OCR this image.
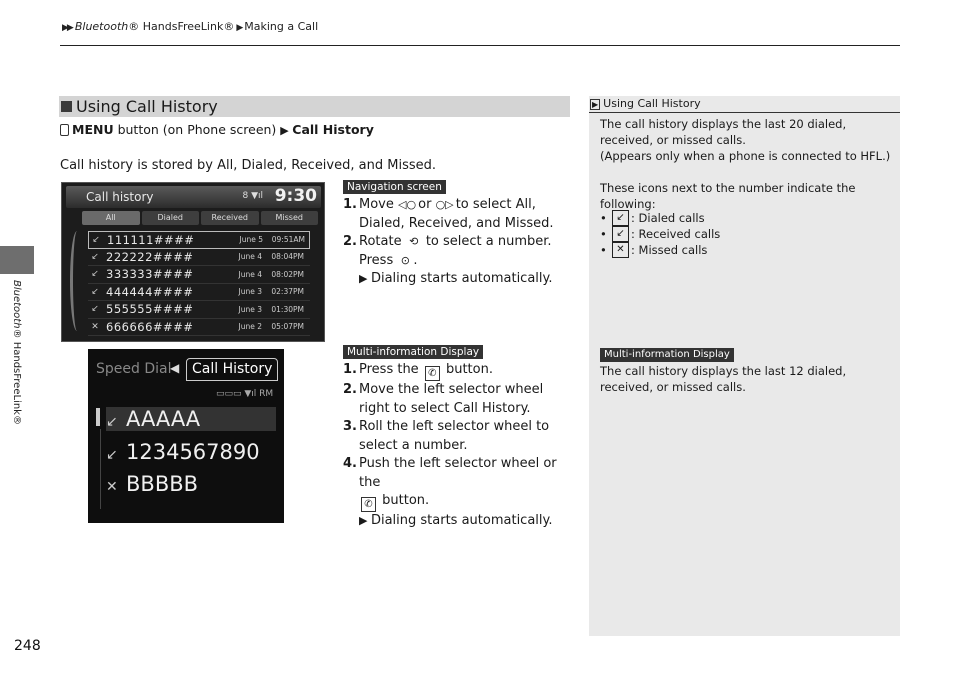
▶▶ Bluetooth® HandsFreeLink® ▶ Making a Call
Bluetooth® HandsFreeLink®
248
Using Call History
MENU button (on Phone screen) ▶ Call History
Call history is stored by All, Dialed, Received, and Missed.
Call history	8 ▼ıl 9:30
All	Dialed	Received	Missed
↙ 111111####	June 5	09:51AM
↙ 222222####	June 4	08:04PM
↙ 333333####	June 4	08:02PM
↙ 444444####	June 3	02:37PM
↙ 555555####	June 3	01:30PM
✕ 666666####	June 2	05:07PM
Navigation screen
1. Move ◁○ or ○▷ to select All, Dialed, Received, and Missed.
2. Rotate ⟲ to select a number.
Press ⊙ .
▶ Dialing starts automatically.
Speed Dial
◀ Call History
▭▭▭ ▼ıl RM
↙ AAAAA
↙ 1234567890
✕ BBBBB
Multi-information Display
1. Press the ✆ button.
2. Move the left selector wheel right to select Call History.
3. Roll the left selector wheel to select a number.
4. Push the left selector wheel or the
✆ button.
▶ Dialing starts automatically.
▶ Using Call History
The call history displays the last 20 dialed, received, or missed calls.
(Appears only when a phone is connected to HFL.)
These icons next to the number indicate the following:
• ↙ : Dialed calls
• ↙ : Received calls
• ✕ : Missed calls
Multi-information Display
The call history displays the last 12 dialed, received, or missed calls.
